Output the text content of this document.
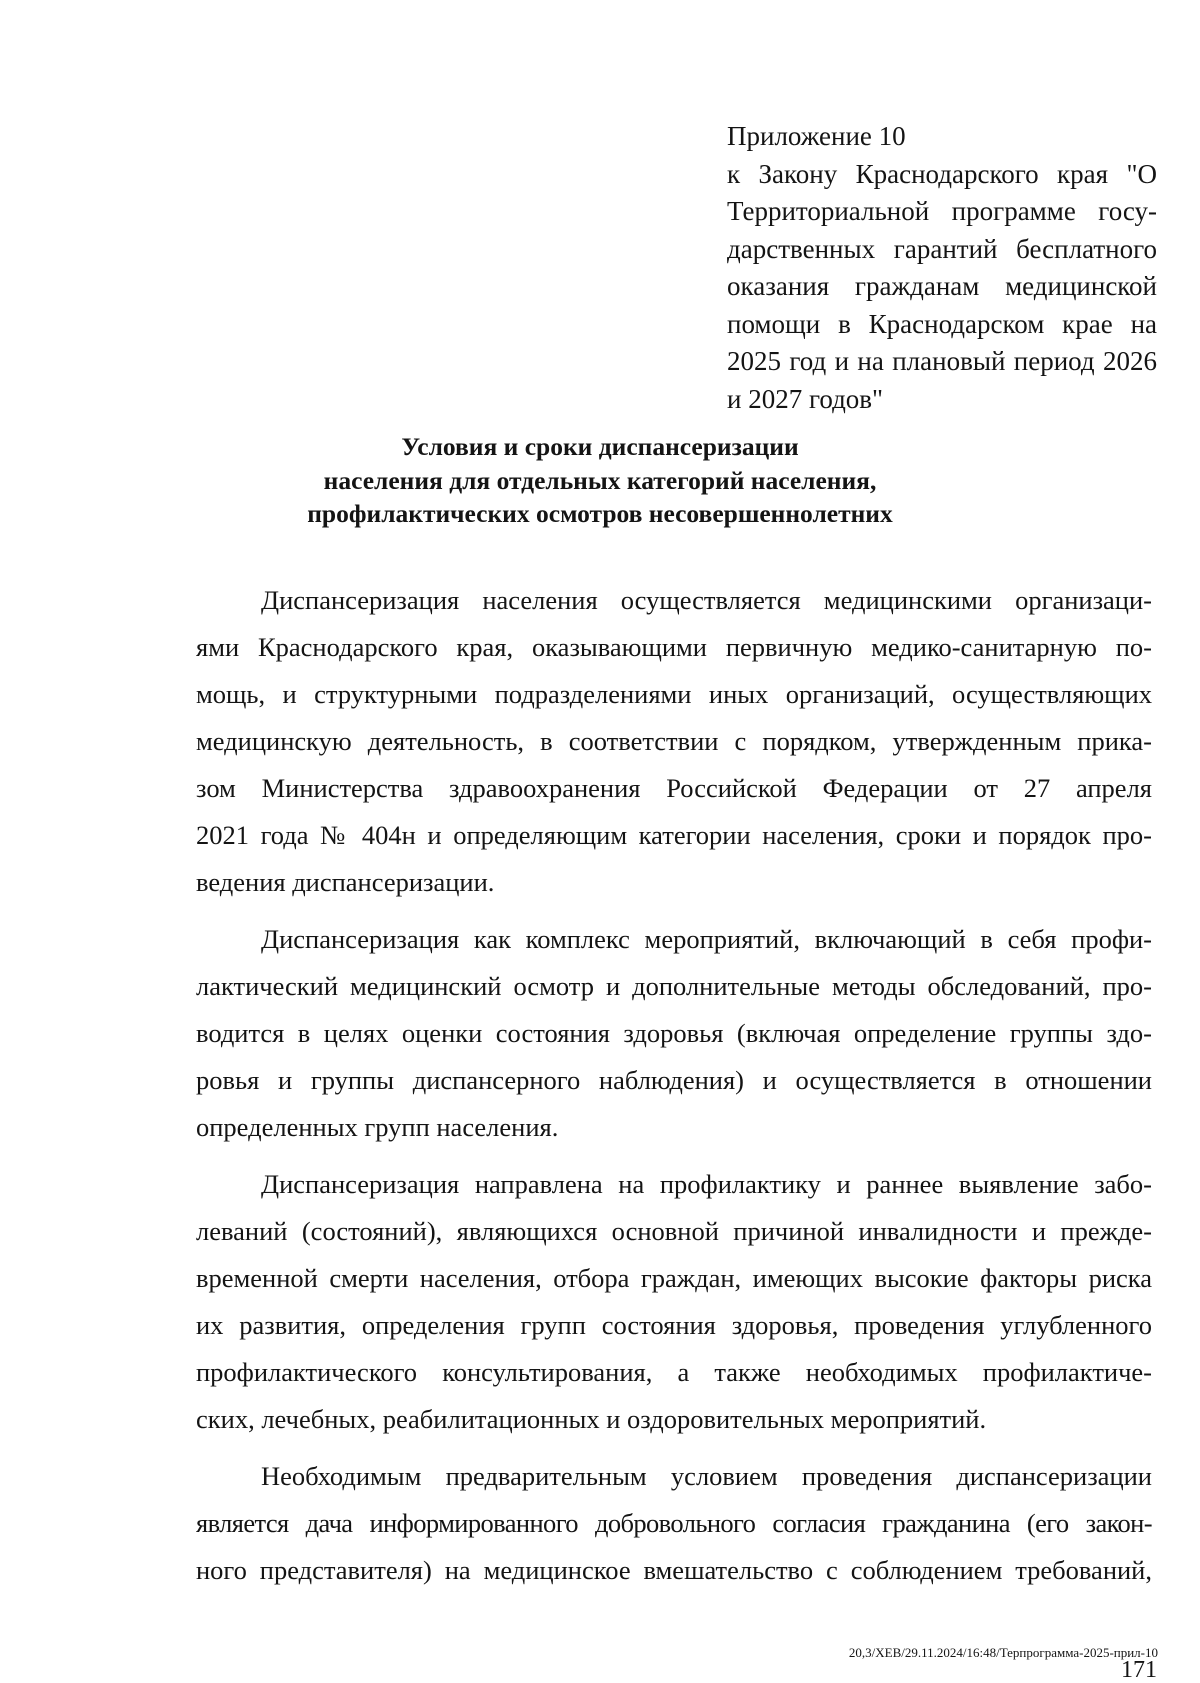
Приложение 10
к Закону Краснодарского края "О Территориальной программе госу-дарственных гарантий бесплатного оказания гражданам медицинской помощи в Краснодарском крае на 2025 год и на плановый период 2026 и 2027 годов"
Условия и сроки диспансеризации
населения для отдельных категорий населения,
профилактических осмотров несовершеннолетних
Диспансеризация населения осуществляется медицинскими организаци-
ями Краснодарского края, оказывающими первичную медико-санитарную по-
мощь, и структурными подразделениями иных организаций, осуществляющих
медицинскую деятельность, в соответствии с порядком, утвержденным прика-
зом Министерства здравоохранения Российской Федерации от 27 апреля
2021 года № 404н и определяющим категории населения, сроки и порядок про-
ведения диспансеризации.
Диспансеризация как комплекс мероприятий, включающий в себя профи-
лактический медицинский осмотр и дополнительные методы обследований, про-
водится в целях оценки состояния здоровья (включая определение группы здо-
ровья и группы диспансерного наблюдения) и осуществляется в отношении
определенных групп населения.
Диспансеризация направлена на профилактику и раннее выявление забо-
леваний (состояний), являющихся основной причиной инвалидности и прежде-
временной смерти населения, отбора граждан, имеющих высокие факторы риска
их развития, определения групп состояния здоровья, проведения углубленного
профилактического консультирования, а также необходимых профилактиче-
ских, лечебных, реабилитационных и оздоровительных мероприятий.
Необходимым предварительным условием проведения диспансеризации
является дача информированного добровольного согласия гражданина (его закон-
ного представителя) на медицинское вмешательство с соблюдением требований,
20,3/ХЕВ/29.11.2024/16:48/Терпрограмма-2025-прил-10
171
